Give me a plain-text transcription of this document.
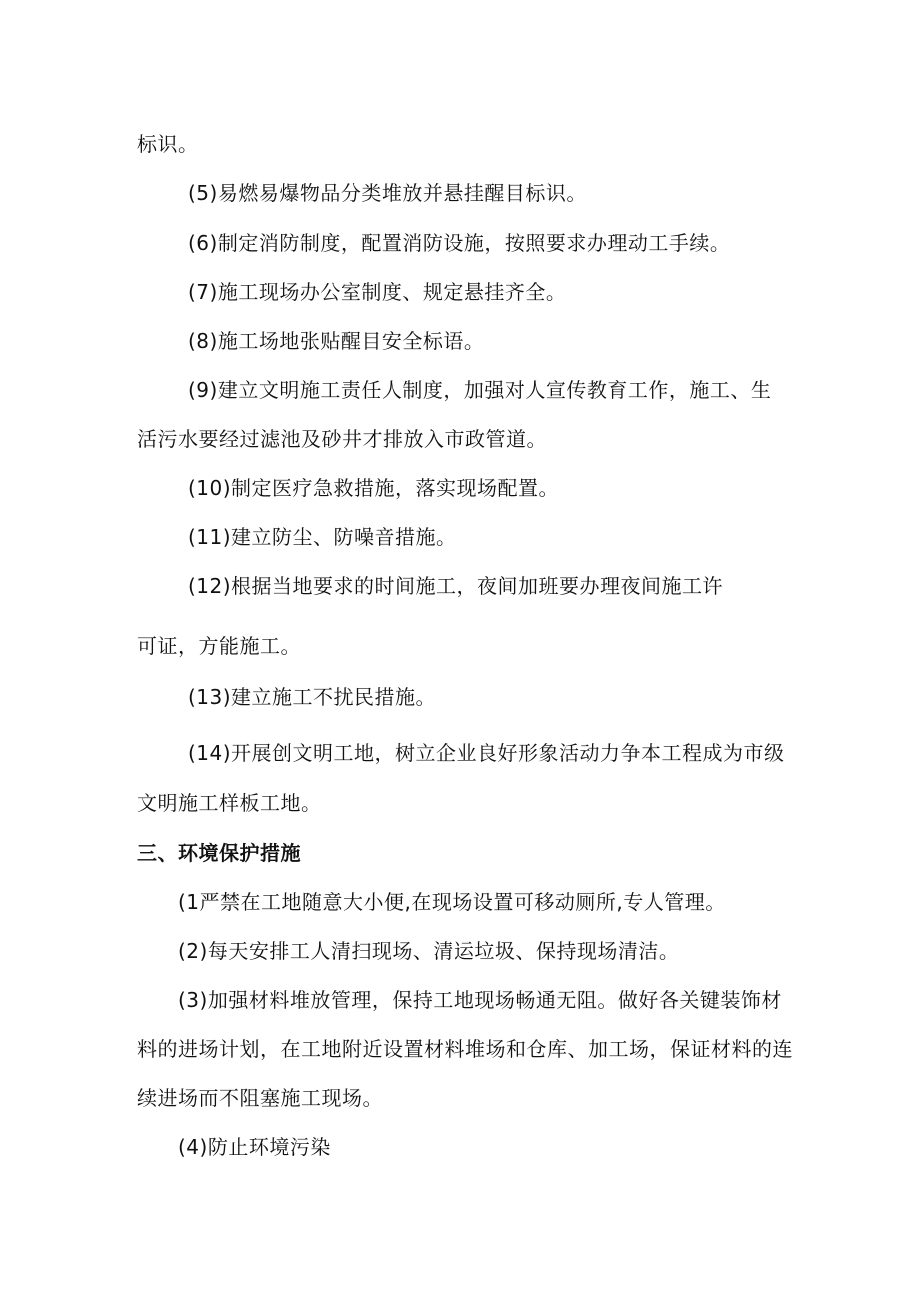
标识。
(5)易燃易爆物品分类堆放并悬挂醒目标识。
(6)制定消防制度，配置消防设施，按照要求办理动工手续。
(7)施工现场办公室制度、规定悬挂齐全。
(8)施工场地张贴醒目安全标语。
(9)建立文明施工责任人制度，加强对人宣传教育工作，施工、生
活污水要经过滤池及砂井才排放入市政管道。
(10)制定医疗急救措施，落实现场配置。
(11)建立防尘、防噪音措施。
(12)根据当地要求的时间施工，夜间加班要办理夜间施工许
可证，方能施工。
(13)建立施工不扰民措施。
(14)开展创文明工地，树立企业良好形象活动力争本工程成为市级
文明施工样板工地。
三、环境保护措施
(1严禁在工地随意大小便,在现场设置可移动厕所,专人管理。
(2)每天安排工人清扫现场、清运垃圾、保持现场清洁。
(3)加强材料堆放管理，保持工地现场畅通无阻。做好各关键装饰材
料的进场计划，在工地附近设置材料堆场和仓库、加工场，保证材料的连
续进场而不阻塞施工现场。
(4)防止环境污染
